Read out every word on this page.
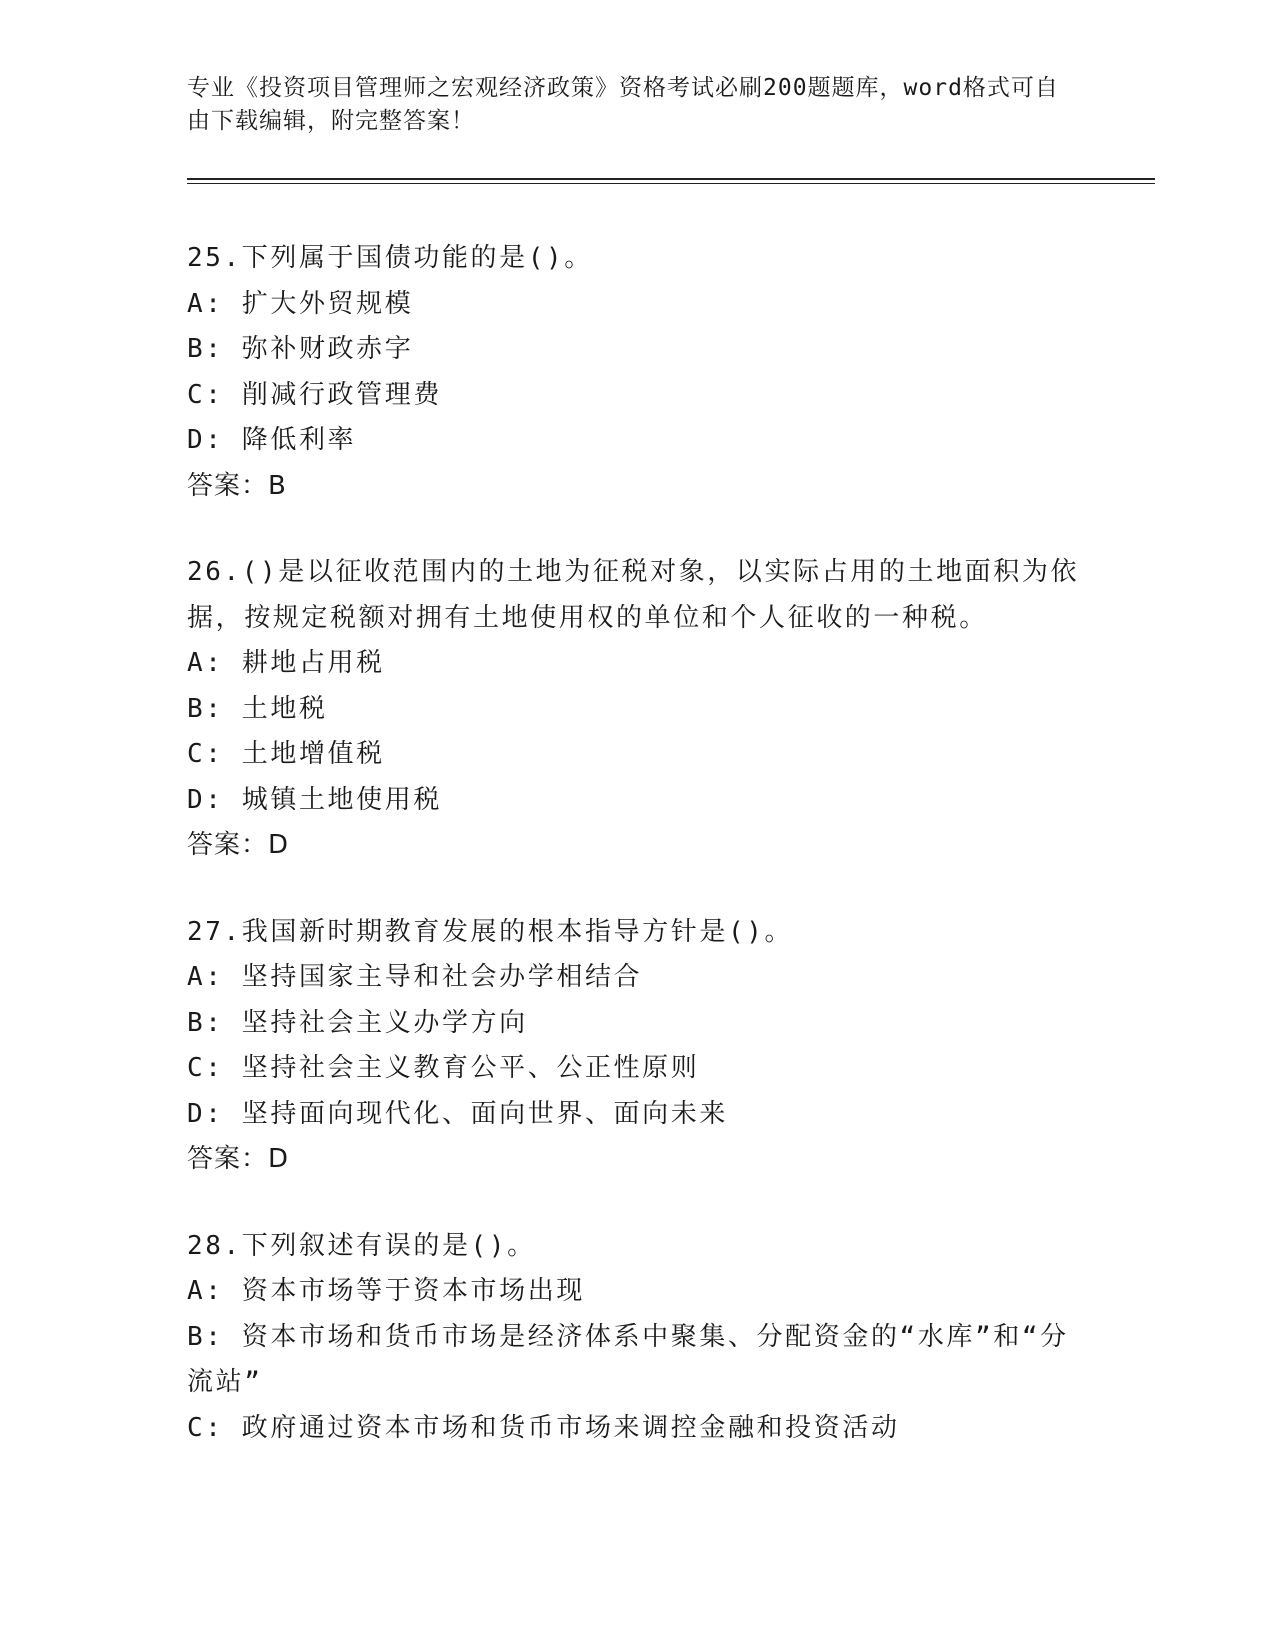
专业《投资项目管理师之宏观经济政策》资格考试必刷200题题库，word格式可自由下载编辑，附完整答案！
25.下列属于国债功能的是()。
A: 扩大外贸规模
B: 弥补财政赤字
C: 削减行政管理费
D: 降低利率
答案：B
26.()是以征收范围内的土地为征税对象，以实际占用的土地面积为依据，按规定税额对拥有土地使用权的单位和个人征收的一种税。
A: 耕地占用税
B: 土地税
C: 土地增值税
D: 城镇土地使用税
答案：D
27.我国新时期教育发展的根本指导方针是()。
A: 坚持国家主导和社会办学相结合
B: 坚持社会主义办学方向
C: 坚持社会主义教育公平、公正性原则
D: 坚持面向现代化、面向世界、面向未来
答案：D
28.下列叙述有误的是()。
A: 资本市场等于资本市场出现
B: 资本市场和货币市场是经济体系中聚集、分配资金的“水库”和“分流站”
C: 政府通过资本市场和货币市场来调控金融和投资活动
